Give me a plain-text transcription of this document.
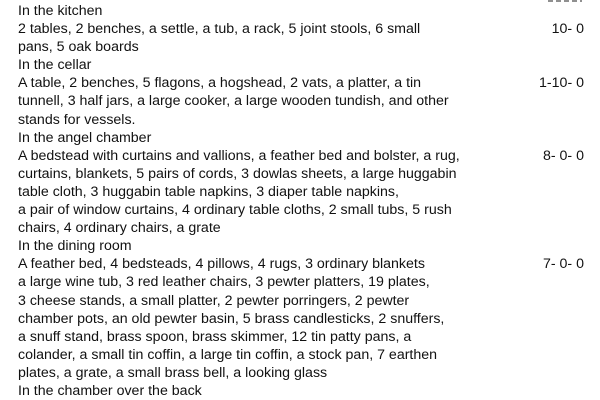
In the kitchen
2 tables, 2 benches, a settle, a tub, a rack, 5 joint stools, 6 small
pans, 5 oak boards
In the cellar
A table, 2 benches, 5 flagons, a hogshead, 2 vats, a platter, a tin
tunnell, 3 half jars, a large cooker, a large wooden tundish, and other
stands for vessels.
In the angel chamber
A bedstead with curtains and vallions, a feather bed and bolster, a rug,
curtains, blankets, 5 pairs of cords, 3 dowlas sheets, a large huggabin
table cloth, 3 huggabin table napkins, 3 diaper table napkins,
a pair of window curtains, 4 ordinary table cloths, 2 small tubs, 5 rush
chairs, 4 ordinary chairs, a grate
In the dining room
A feather bed, 4 bedsteads, 4 pillows, 4 rugs, 3 ordinary blankets
a large wine tub, 3 red leather chairs, 3 pewter platters, 19 plates,
3 cheese stands, a small platter, 2 pewter porringers, 2 pewter
chamber pots, an old pewter basin, 5 brass candlesticks, 2 snuffers,
a snuff stand, brass spoon, brass skimmer, 12 tin patty pans, a
colander, a small tin coffin, a large tin coffin, a stock pan, 7 earthen
plates, a grate, a small brass bell, a looking glass
In the chamber over the back
10- 0
1-10- 0
8- 0- 0
7- 0- 0
